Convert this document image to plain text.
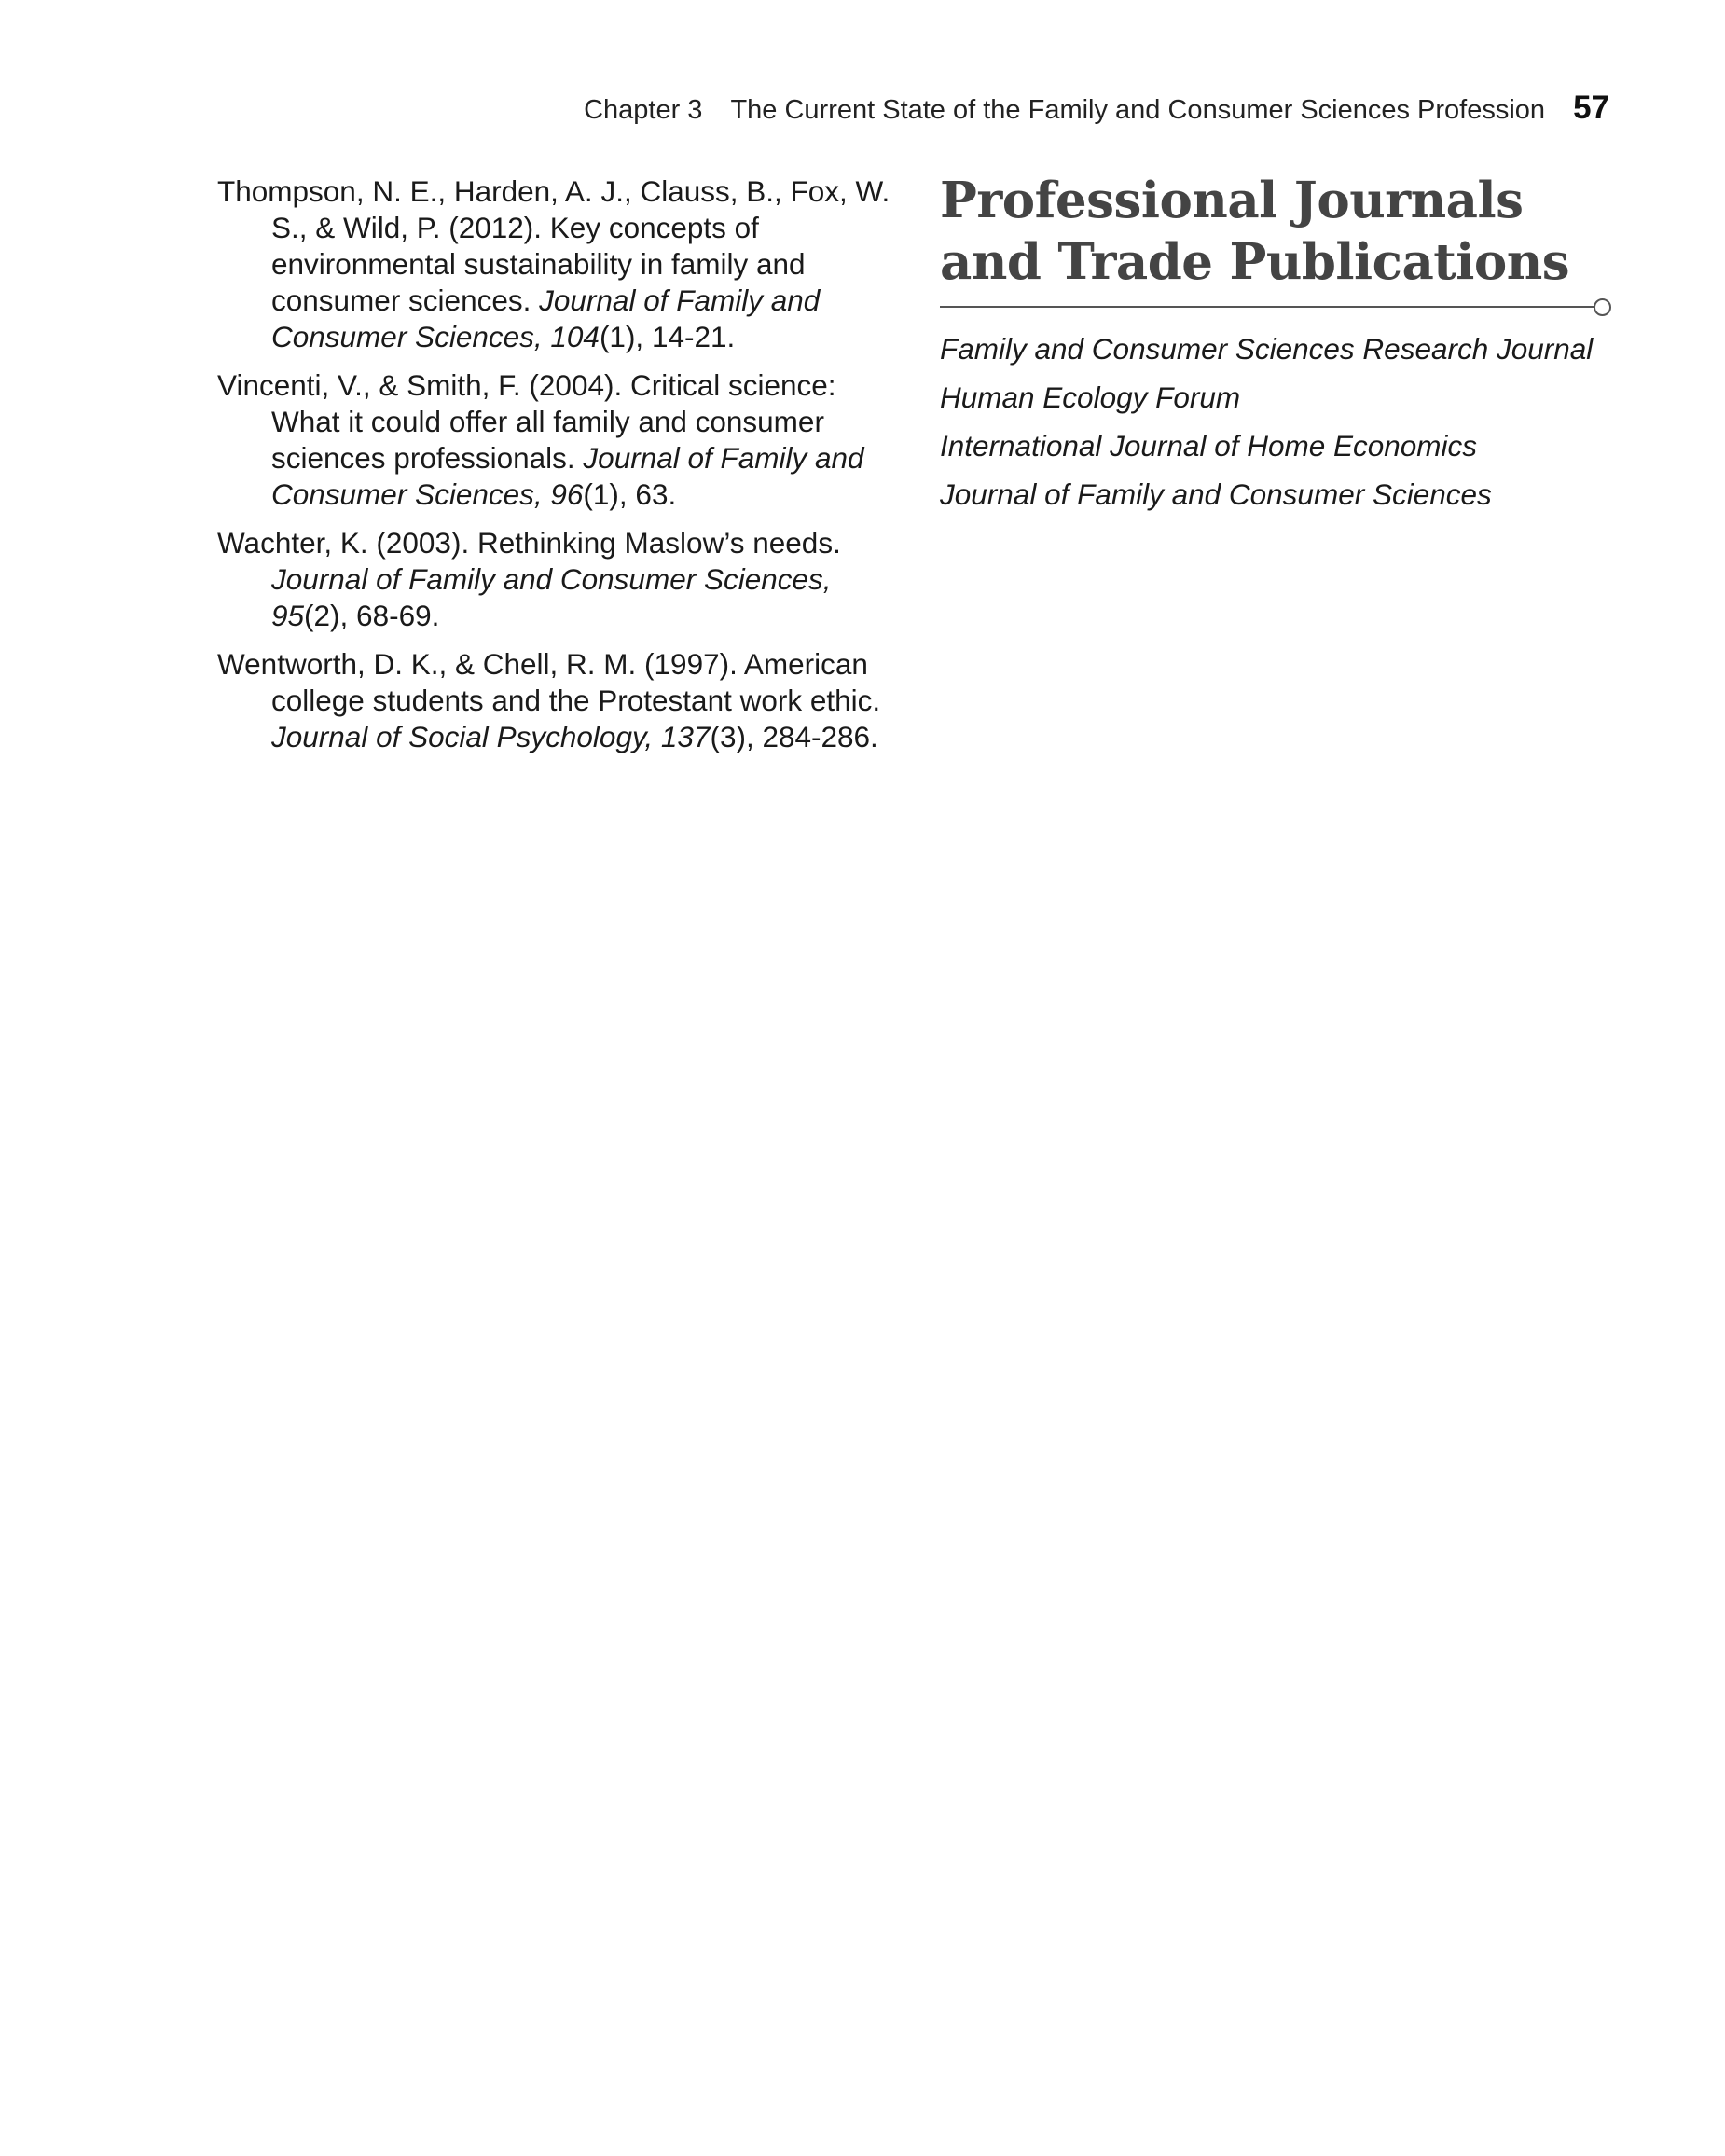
Chapter 3 The Current State of the Family and Consumer Sciences Profession 57

Thompson, N. E., Harden, A. J., Clauss, B., Fox, W. S., & Wild, P. (2012). Key concepts of environmental sustainability in family and consumer sciences. Journal of Family and Consumer Sciences, 104(1), 14-21.

Vincenti, V., & Smith, F. (2004). Critical science: What it could offer all family and consumer sciences professionals. Journal of Family and Consumer Sciences, 96(1), 63.

Wachter, K. (2003). Rethinking Maslow’s needs. Journal of Family and Consumer Sciences, 95(2), 68-69.

Wentworth, D. K., & Chell, R. M. (1997). American college students and the Protestant work ethic. Journal of Social Psychology, 137(3), 284-286.

Professional Journals and Trade Publications
Family and Consumer Sciences Research Journal
Human Ecology Forum
International Journal of Home Economics
Journal of Family and Consumer Sciences
